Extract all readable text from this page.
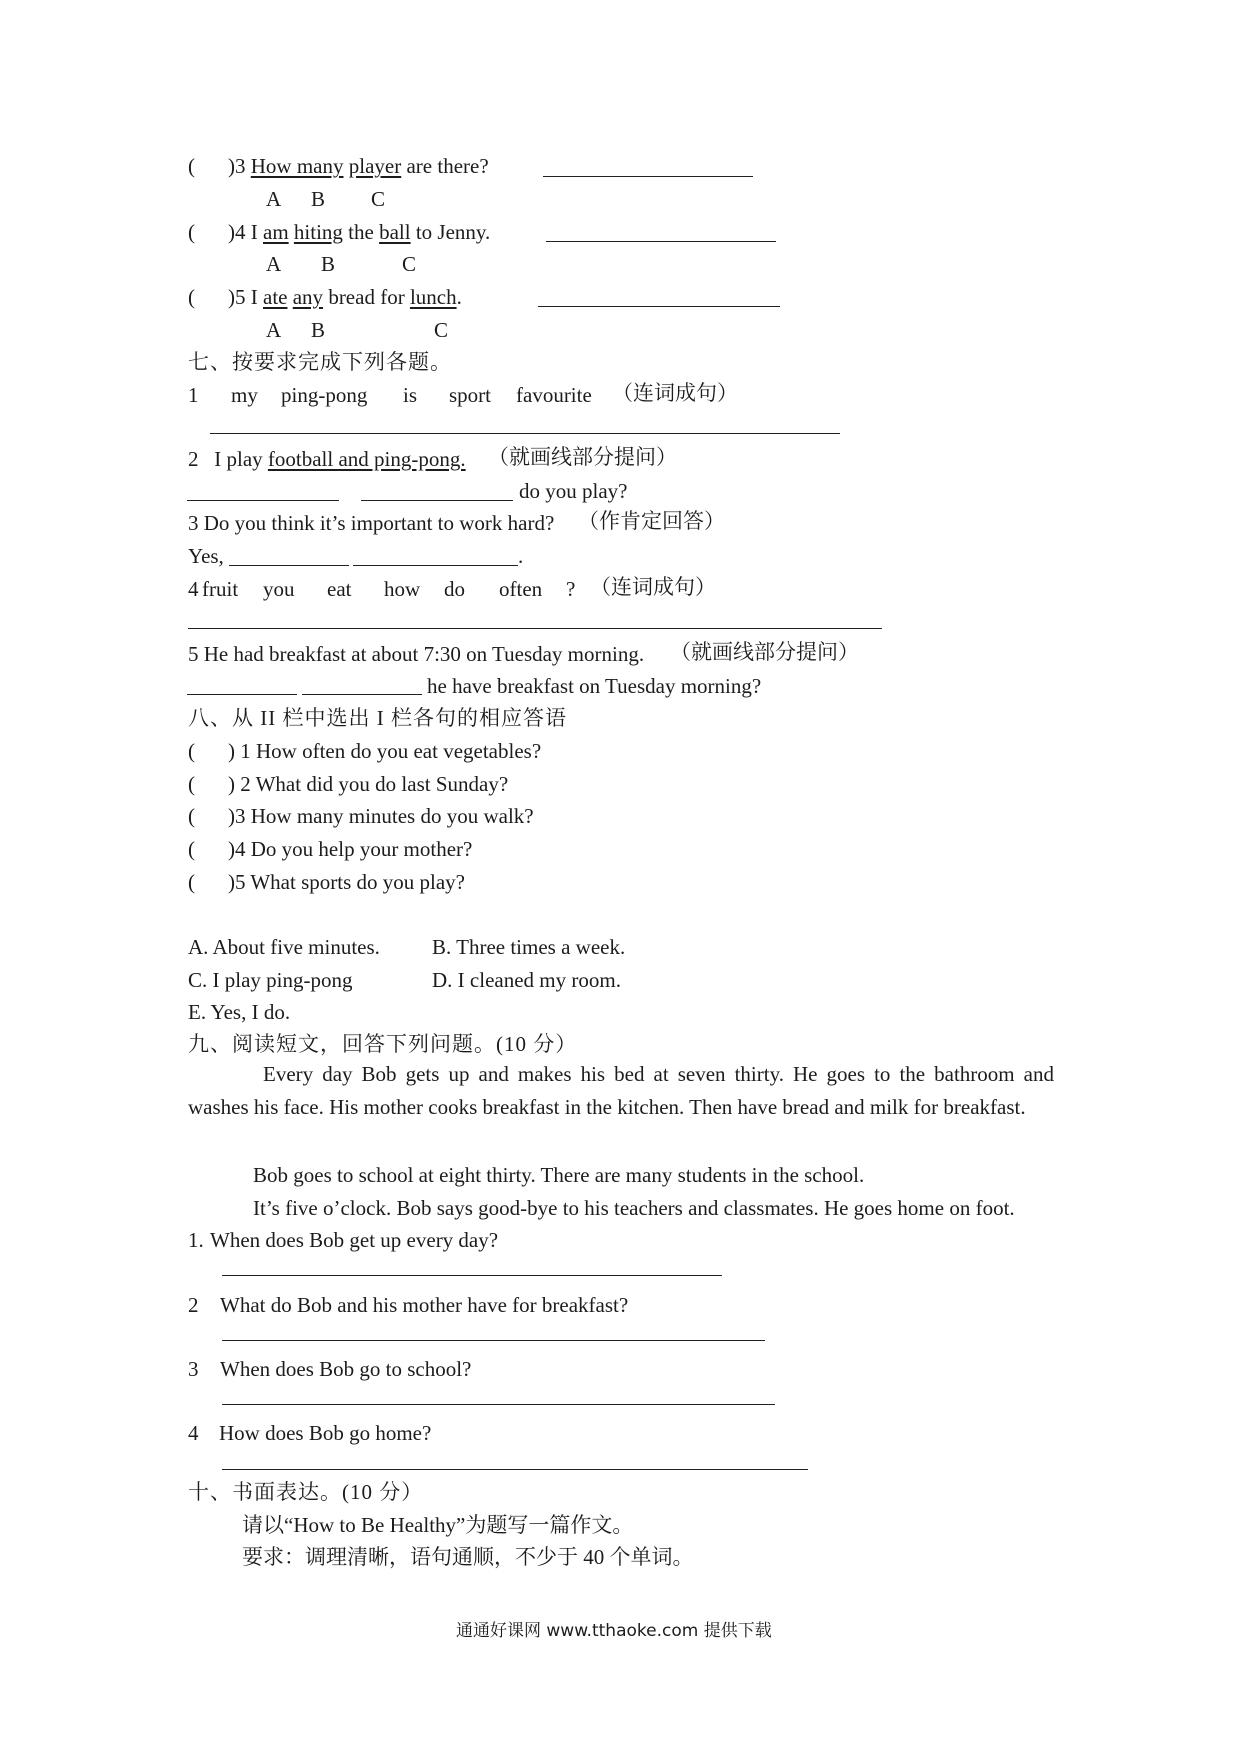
( )3 How many player are there?
A B C
( )4 I am hiting the ball to Jenny.
A B	C
( )5 I ate any bread for lunch.
A B	C
七、按要求完成下列各题。
1 my ping-pong is sport favourite （连词成句）
2 I play football and ping-pong. （就画线部分提问）
do you play?
3 Do you think it’s important to work hard? （作肯定回答）
Yes,	.
4 fruit you eat how do often ? （连词成句）
5 He had breakfast at about 7:30 on Tuesday morning. （就画线部分提问）
he have breakfast on Tuesday morning?
八、从 II 栏中选出 I 栏各句的相应答语
( ) 1 How often do you eat vegetables?
( ) 2 What did you do last Sunday?
( )3 How many minutes do you walk?
( )4 Do you help your mother?
( )5 What sports do you play?
A. About five minutes. B. Three times a week.
C. I play ping-pong	D. I cleaned my room.
E. Yes, I do.
九、阅读短文，回答下列问题。(10 分）
Every day Bob gets up and makes his bed at seven thirty. He goes to the bathroom and washes his face. His mother cooks breakfast in the kitchen. Then have bread and milk for breakfast.
Bob goes to school at eight thirty. There are many students in the school.
It’s five o’clock. Bob says good-bye to his teachers and classmates. He goes home on foot.
1. When does Bob get up every day?
2 What do Bob and his mother have for breakfast?
3 When does Bob go to school?
4 How does Bob go home?
十、书面表达。(10 分）
请以“How to Be Healthy”为题写一篇作文。
要求：调理清晰，语句通顺，不少于 40 个单词。
通通好课网 www.tthaoke.com 提供下载
